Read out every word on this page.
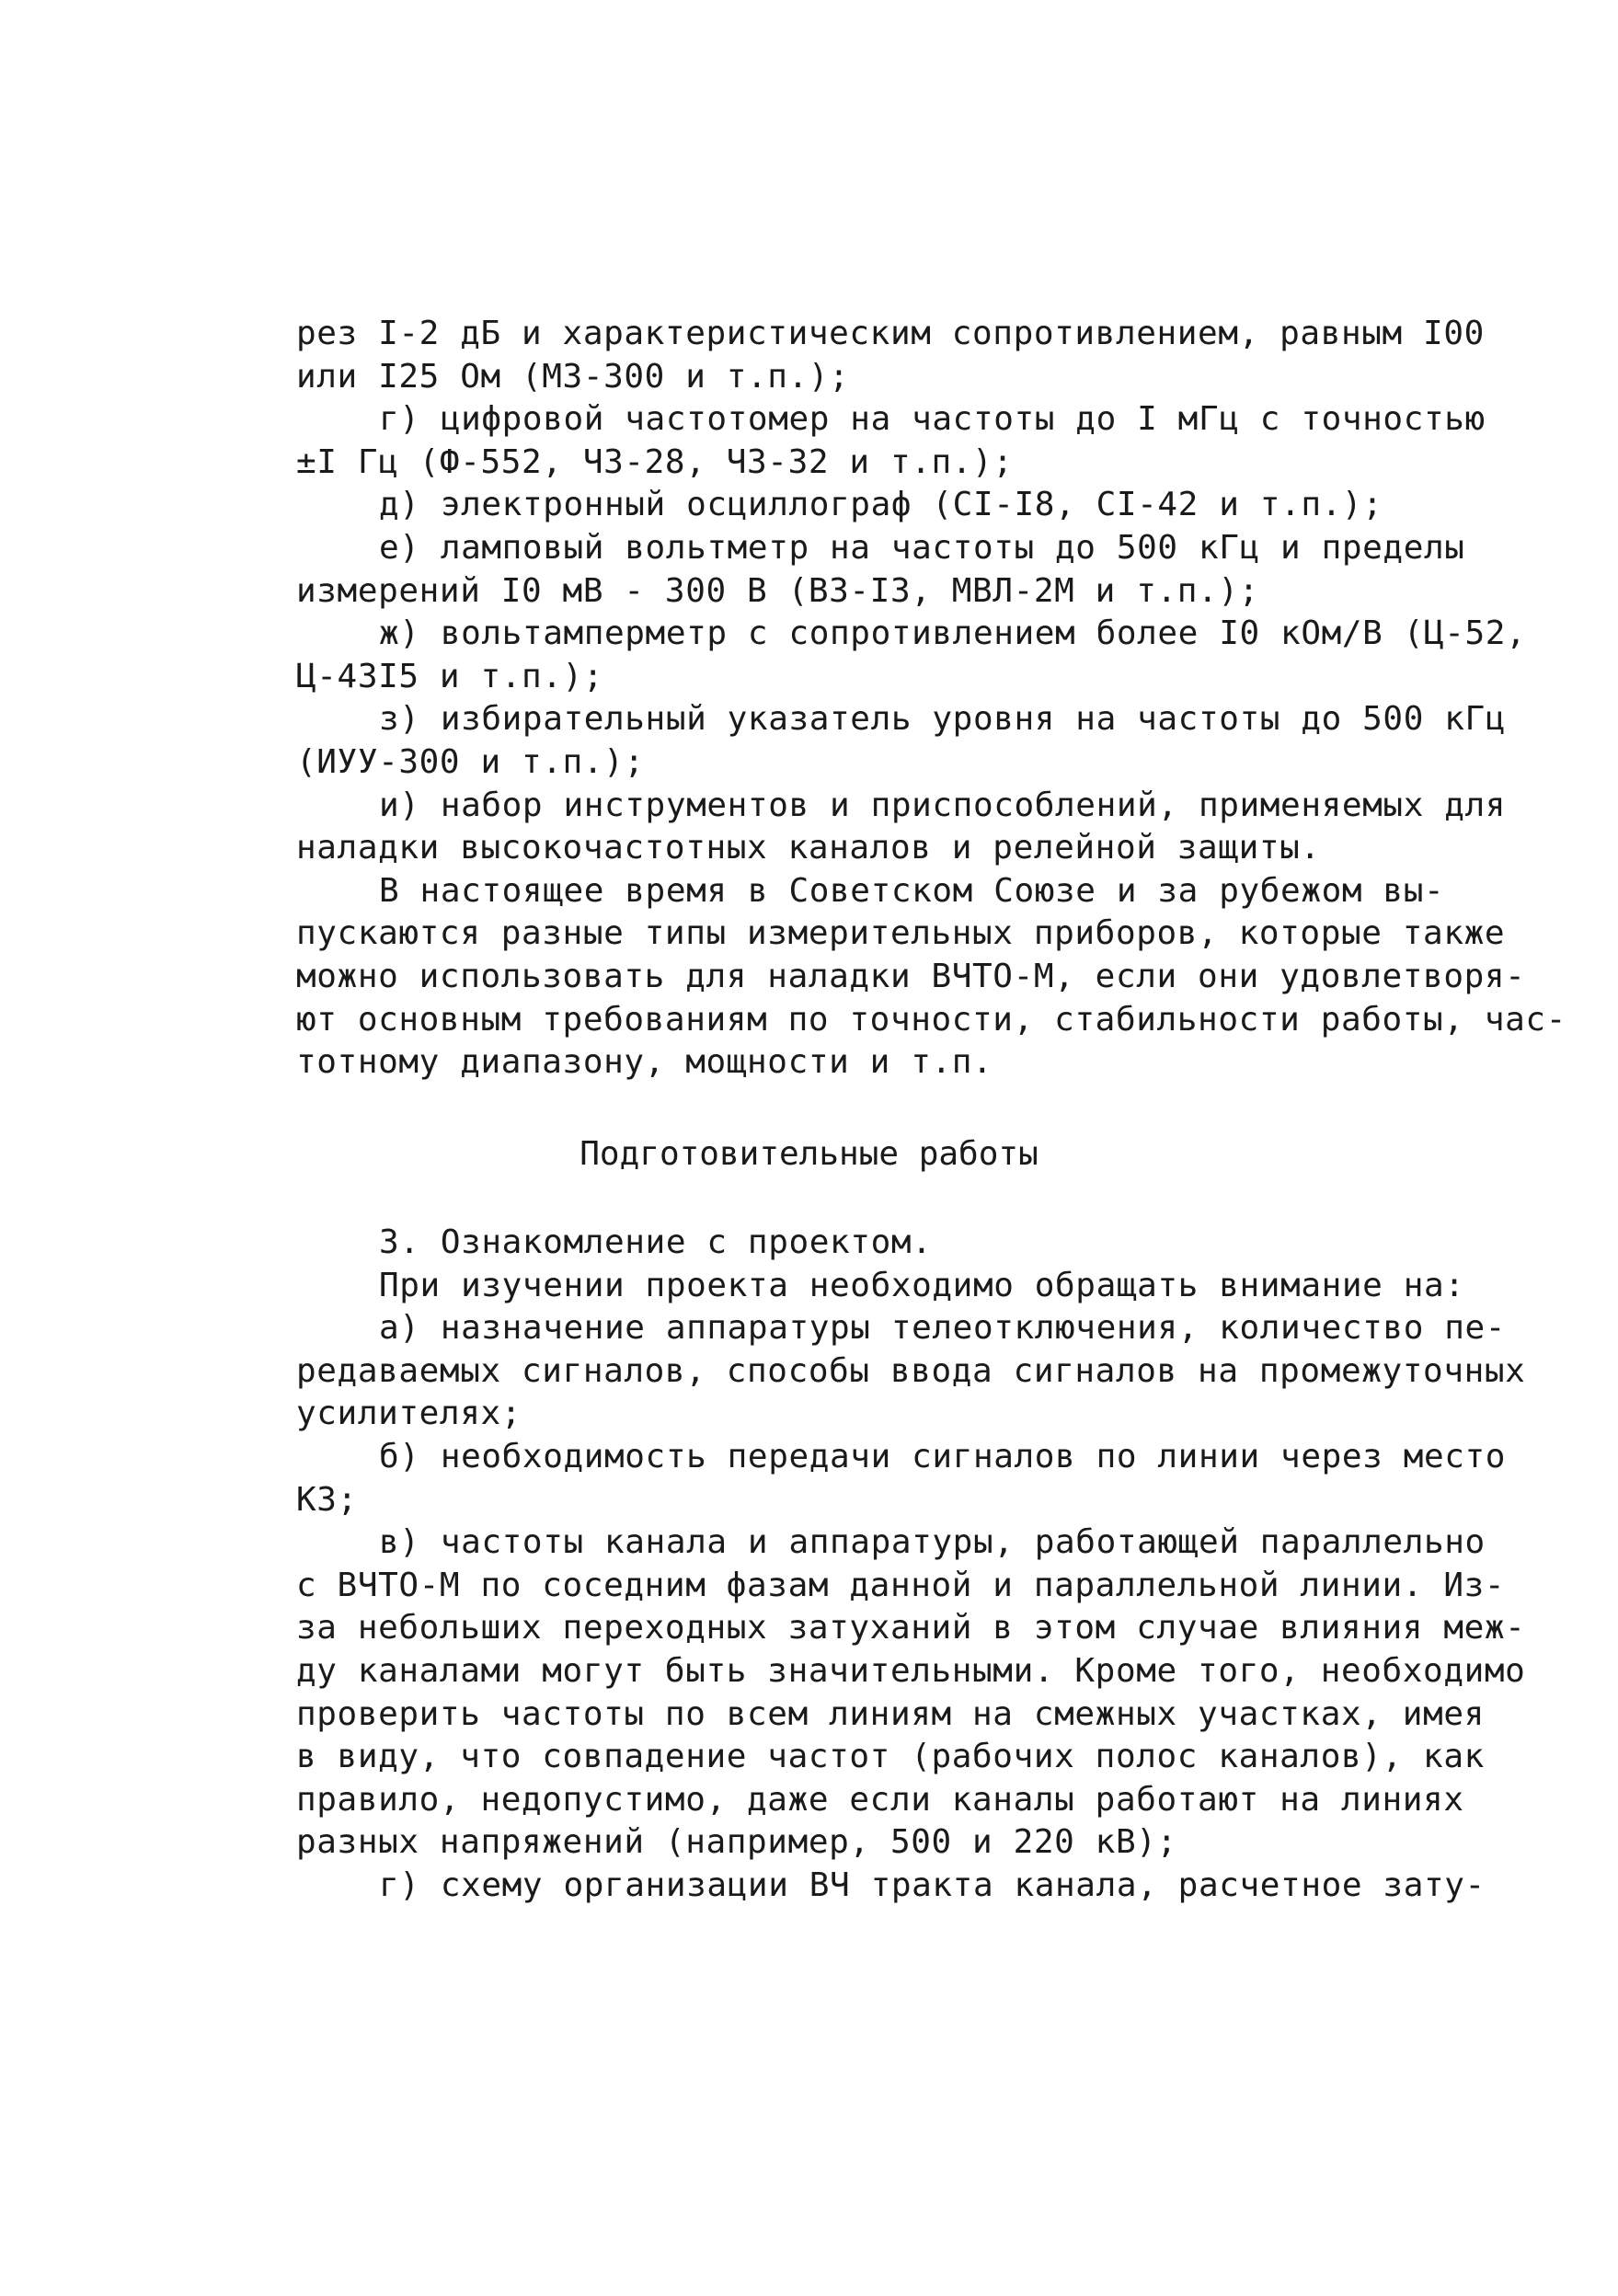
рез I-2 дБ и характеристическим сопротивлением, равным I00
или I25 Ом (МЗ-300 и т.п.);
г) цифровой частотомер на частоты до I мГц с точностью
±I Гц (Ф-552, ЧЗ-28, ЧЗ-32 и т.п.);
д) электронный осциллограф (CI-I8, CI-42 и т.п.);
е) ламповый вольтметр на частоты до 500 кГц и пределы
измерений I0 мВ - 300 В (ВЗ-I3, МВЛ-2М и т.п.);
ж) вольтамперметр с сопротивлением более I0 кОм/В (Ц-52,
Ц-43I5 и т.п.);
з) избирательный указатель уровня на частоты до 500 кГц
(ИУУ-300 и т.п.);
и) набор инструментов и приспособлений, применяемых для
наладки высокочастотных каналов и релейной защиты.
В настоящее время в Советском Союзе и за рубежом вы-
пускаются разные типы измерительных приборов, которые также
можно использовать для наладки ВЧТО-М, если они удовлетворя-
ют основным требованиям по точности, стабильности работы, час-
тотному диапазону, мощности и т.п.
Подготовительные работы
3. Ознакомление с проектом.
При изучении проекта необходимо обращать внимание на:
а) назначение аппаратуры телеотключения, количество пе-
редаваемых сигналов, способы ввода сигналов на промежуточных
усилителях;
б) необходимость передачи сигналов по линии через место
КЗ;
в) частоты канала и аппаратуры, работающей параллельно
с ВЧТО-М по соседним фазам данной и параллельной линии. Из-
за небольших переходных затуханий в этом случае влияния меж-
ду каналами могут быть значительными. Кроме того, необходимо
проверить частоты по всем линиям на смежных участках, имея
в виду, что совпадение частот (рабочих полос каналов), как
правило, недопустимо, даже если каналы работают на линиях
разных напряжений (например, 500 и 220 кВ);
г) схему организации ВЧ тракта канала, расчетное зату-
